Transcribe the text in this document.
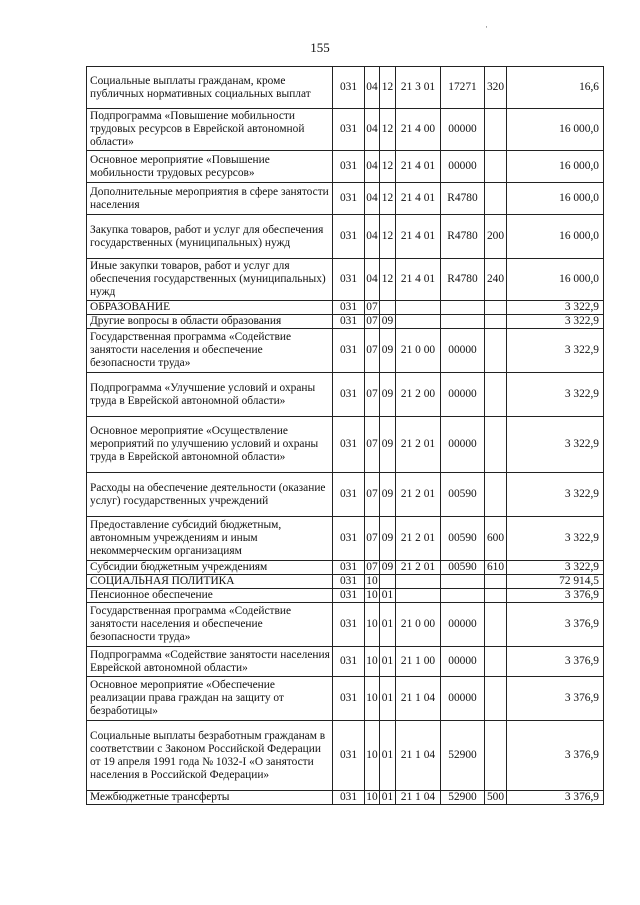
155
·
Социальные выплаты гражданам, кроме публичных нормативных социальных выплат	031	04	12	21 3 01	17271	320	16,6
Подпрограмма «Повышение мобильности трудовых ресурсов в Еврейской автономной области»	031	04	12	21 4 00	00000		16 000,0
Основное мероприятие «Повышение мобильности трудовых ресурсов»	031	04	12	21 4 01	00000		16 000,0
Дополнительные мероприятия в сфере занятости населения	031	04	12	21 4 01	R4780		16 000,0
Закупка товаров, работ и услуг для обеспечения государственных (муниципальных) нужд	031	04	12	21 4 01	R4780	200	16 000,0
Иные закупки товаров, работ и услуг для обеспечения государственных (муниципальных) нужд	031	04	12	21 4 01	R4780	240	16 000,0
ОБРАЗОВАНИЕ	031	07					3 322,9
Другие вопросы в области образования	031	07	09				3 322,9
Государственная программа «Содействие занятости населения и обеспечение безопасности труда»	031	07	09	21 0 00	00000		3 322,9
Подпрограмма «Улучшение условий и охраны труда в Еврейской автономной области»	031	07	09	21 2 00	00000		3 322,9
Основное мероприятие «Осуществление мероприятий по улучшению условий и охраны труда в Еврейской автономной области»	031	07	09	21 2 01	00000		3 322,9
Расходы на обеспечение деятельности (оказание услуг) государственных учреждений	031	07	09	21 2 01	00590		3 322,9
Предоставление субсидий бюджетным, автономным учреждениям и иным некоммерческим организациям	031	07	09	21 2 01	00590	600	3 322,9
Субсидии бюджетным учреждениям	031	07	09	21 2 01	00590	610	3 322,9
СОЦИАЛЬНАЯ ПОЛИТИКА	031	10					72 914,5
Пенсионное обеспечение	031	10	01				3 376,9
Государственная программа «Содействие занятости населения и обеспечение безопасности труда»	031	10	01	21 0 00	00000		3 376,9
Подпрограмма «Содействие занятости населения Еврейской автономной области»	031	10	01	21 1 00	00000		3 376,9
Основное мероприятие «Обеспечение реализации права граждан на защиту от безработицы»	031	10	01	21 1 04	00000		3 376,9
Социальные выплаты безработным гражданам в соответствии с Законом Российской Федерации от 19 апреля 1991 года № 1032-I «О занятости населения в Российской Федерации»	031	10	01	21 1 04	52900		3 376,9
Межбюджетные трансферты	031	10	01	21 1 04	52900	500	3 376,9
